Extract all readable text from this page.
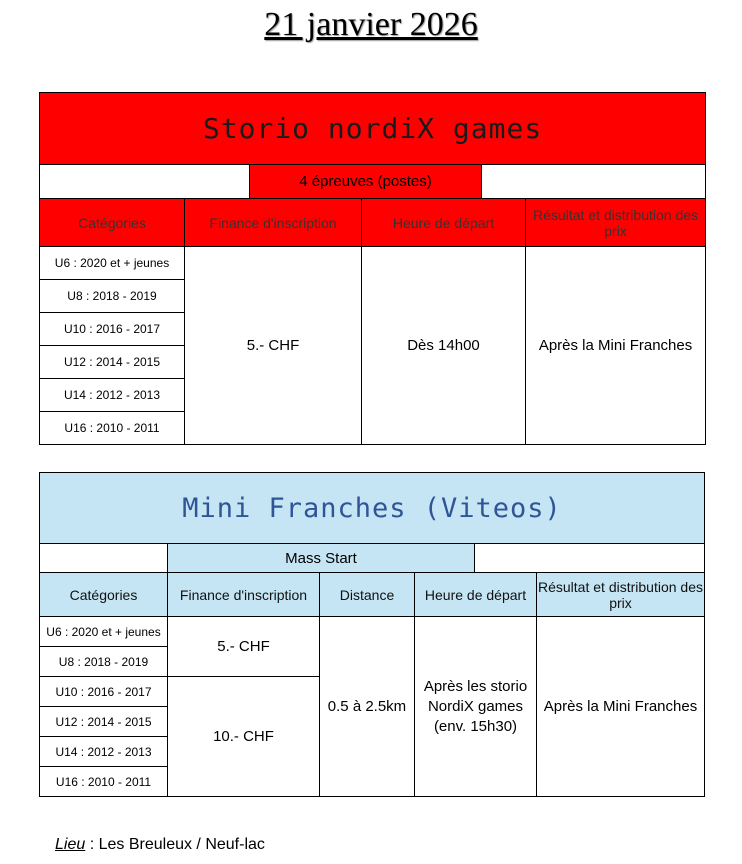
21 janvier 2026
Storio nordiX games					
		4 épreuves (postes)			
Catégories	Finance d'inscription		Heure de départ		Résultat et distribution des prix
U6 : 2020 et + jeunes	5.- CHF		Dès 14h00		Après la Mini Franches
U8 : 2018 - 2019					
U10 : 2016 - 2017					
U12 : 2014 - 2015					
U14 : 2012 - 2013					
U16 : 2010 - 2011					
Mini Franches (Viteos)					
	Mass Start				
Catégories	Finance d'inscription	Distance	Heure de départ		Résultat et distribution des prix
U6 : 2020 et + jeunes	5.- CHF	0.5 à 2.5km	Après les storio NordiX games (env. 15h30)		Après la Mini Franches
U8 : 2018 - 2019					
U10 : 2016 - 2017	10.- CHF				
U12 : 2014 - 2015					
U14 : 2012 - 2013					
U16 : 2010 - 2011					
Lieu : Les Breuleux / Neuf-lac
